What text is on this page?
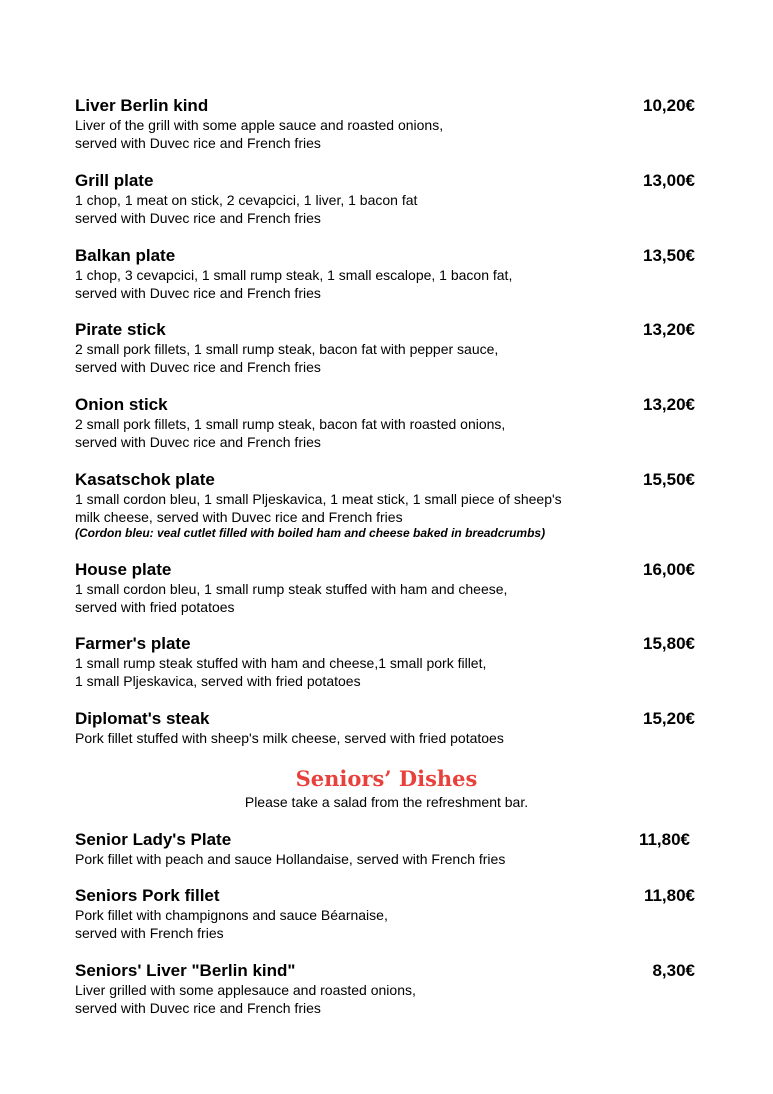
Liver Berlin kind	10,20€
Liver of the grill with some apple sauce and roasted onions,
served with Duvec rice and French fries
Grill plate	13,00€
1 chop, 1 meat on stick, 2 cevapcici, 1 liver, 1 bacon fat
served with Duvec rice and French fries
Balkan plate	13,50€
1 chop, 3 cevapcici, 1 small rump steak, 1 small escalope, 1 bacon fat,
served with Duvec rice and French fries
Pirate stick	13,20€
2 small pork fillets, 1 small rump steak, bacon fat with pepper sauce,
served with Duvec rice and French fries
Onion stick	13,20€
2 small pork fillets, 1 small rump steak, bacon fat with roasted onions,
served with Duvec rice and French fries
Kasatschok plate	15,50€
1 small cordon bleu, 1 small Pljeskavica, 1 meat stick, 1 small piece of sheep's
milk cheese, served with Duvec rice and French fries
(Cordon bleu: veal cutlet filled with boiled ham and cheese baked in breadcrumbs)
House plate	16,00€
1 small cordon bleu, 1 small rump steak stuffed with ham and cheese,
served with fried potatoes
Farmer's plate	15,80€
1 small rump steak stuffed with ham and cheese,1 small pork fillet,
1 small Pljeskavica, served with fried potatoes
Diplomat's steak	15,20€
Pork fillet stuffed with sheep's milk cheese, served with fried potatoes
Seniors’ Dishes
Please take a salad from the refreshment bar.
Senior Lady's Plate	11,80€
Pork fillet with peach and sauce Hollandaise, served with French fries
Seniors Pork fillet	11,80€
Pork fillet with champignons and sauce Béarnaise,
served with French fries
Seniors' Liver "Berlin kind"	8,30€
Liver grilled with some applesauce and roasted onions,
served with Duvec rice and French fries
